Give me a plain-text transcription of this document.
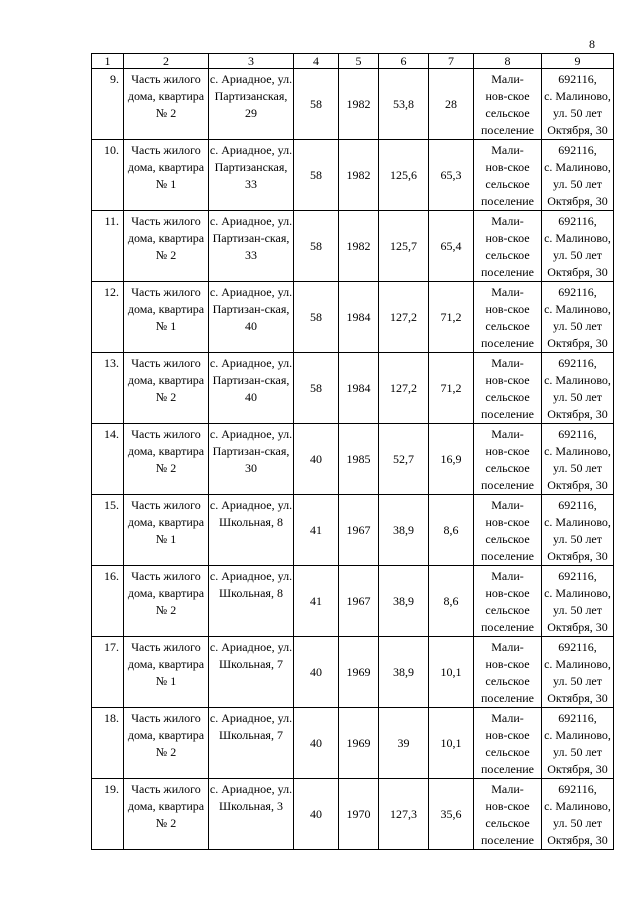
8
1	2	3	4	5	6	7	8	9
9.	Часть жилого
дома, квартира
№ 2	с. Ариадное, ул.
Партизанская,
29	58	1982	53,8	28	Мали-
нов-ское
сельское
поселение	692116,
с. Малиново,
ул. 50 лет
Октября, 30

10.	Часть жилого
дома, квартира
№ 1	с. Ариадное, ул.
Партизанская,
33	58	1982	125,6	65,3	Мали-
нов-ское
сельское
поселение	692116,
с. Малиново,
ул. 50 лет
Октября, 30

11.	Часть жилого
дома, квартира
№ 2	с. Ариадное, ул.
Партизан-ская,
33	58	1982	125,7	65,4	Мали-
нов-ское
сельское
поселение	692116,
с. Малиново,
ул. 50 лет
Октября, 30

12.	Часть жилого
дома, квартира
№ 1	с. Ариадное, ул.
Партизан-ская,
40	58	1984	127,2	71,2	Мали-
нов-ское
сельское
поселение	692116,
с. Малиново,
ул. 50 лет
Октября, 30

13.	Часть жилого
дома, квартира
№ 2	с. Ариадное, ул.
Партизан-ская,
40	58	1984	127,2	71,2	Мали-
нов-ское
сельское
поселение	692116,
с. Малиново,
ул. 50 лет
Октября, 30

14.	Часть жилого
дома, квартира
№ 2	с. Ариадное, ул.
Партизан-ская,
30	40	1985	52,7	16,9	Мали-
нов-ское
сельское
поселение	692116,
с. Малиново,
ул. 50 лет
Октября, 30

15.	Часть жилого
дома, квартира
№ 1	с. Ариадное, ул.
Школьная, 8	41	1967	38,9	8,6	Мали-
нов-ское
сельское
поселение	692116,
с. Малиново,
ул. 50 лет
Октября, 30

16.	Часть жилого
дома, квартира
№ 2	с. Ариадное, ул.
Школьная, 8	41	1967	38,9	8,6	Мали-
нов-ское
сельское
поселение	692116,
с. Малиново,
ул. 50 лет
Октября, 30

17.	Часть жилого
дома, квартира
№ 1	с. Ариадное, ул.
Школьная, 7	40	1969	38,9	10,1	Мали-
нов-ское
сельское
поселение	692116,
с. Малиново,
ул. 50 лет
Октября, 30

18.	Часть жилого
дома, квартира
№ 2	с. Ариадное, ул.
Школьная, 7	40	1969	39	10,1	Мали-
нов-ское
сельское
поселение	692116,
с. Малиново,
ул. 50 лет
Октября, 30

19.	Часть жилого
дома, квартира
№ 2	с. Ариадное, ул.
Школьная, 3	40	1970	127,3	35,6	Мали-
нов-ское
сельское
поселение	692116,
с. Малиново,
ул. 50 лет
Октября, 30
